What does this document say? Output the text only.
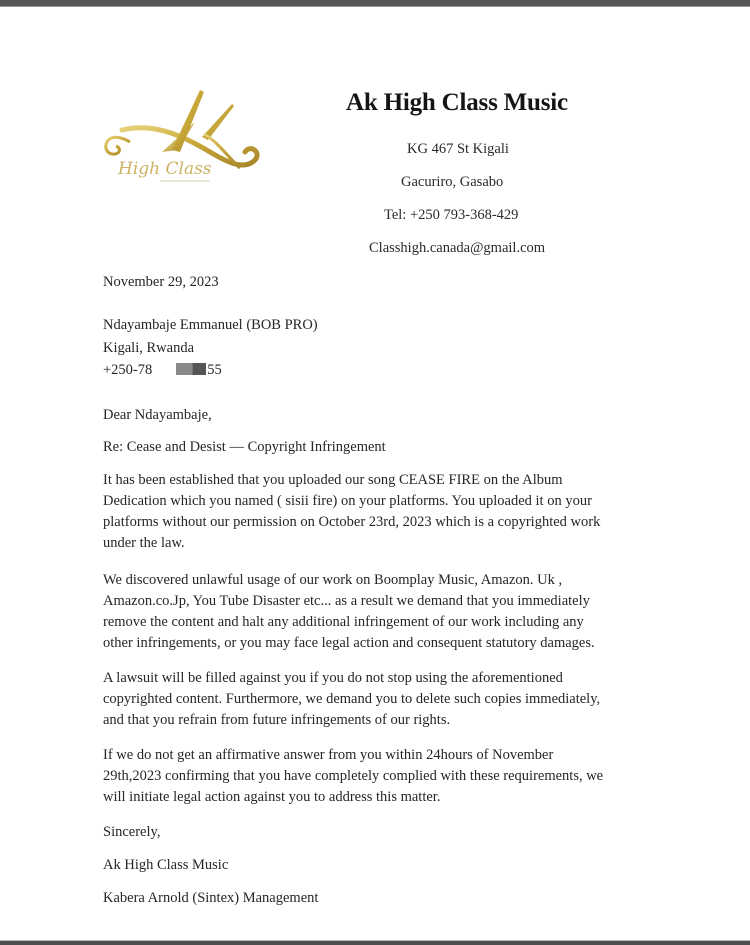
High Class
Ak High Class Music
KG 467 St Kigali
Gacuriro, Gasabo
Tel: +250 793-368-429
Classhigh.canada@gmail.com
November 29, 2023
Ndayambaje Emmanuel (BOB PRO)
Kigali, Rwanda
+250-78	55
Dear Ndayambaje,
Re: Cease and Desist — Copyright Infringement
It has been established that you uploaded our song CEASE FIRE on the Album
Dedication which you named ( sisii fire) on your platforms. You uploaded it on your
platforms without our permission on October 23rd, 2023 which is a copyrighted work
under the law.
We discovered unlawful usage of our work on Boomplay Music, Amazon. Uk ,
Amazon.co.Jp, You Tube Disaster etc... as a result we demand that you immediately
remove the content and halt any additional infringement of our work including any
other infringements, or you may face legal action and consequent statutory damages.
A lawsuit will be filled against you if you do not stop using the aforementioned
copyrighted content. Furthermore, we demand you to delete such copies immediately,
and that you refrain from future infringements of our rights.
If we do not get an affirmative answer from you within 24hours of November
29th,2023 confirming that you have completely complied with these requirements, we
will initiate legal action against you to address this matter.
Sincerely,
Ak High Class Music
Kabera Arnold (Sintex) Management
